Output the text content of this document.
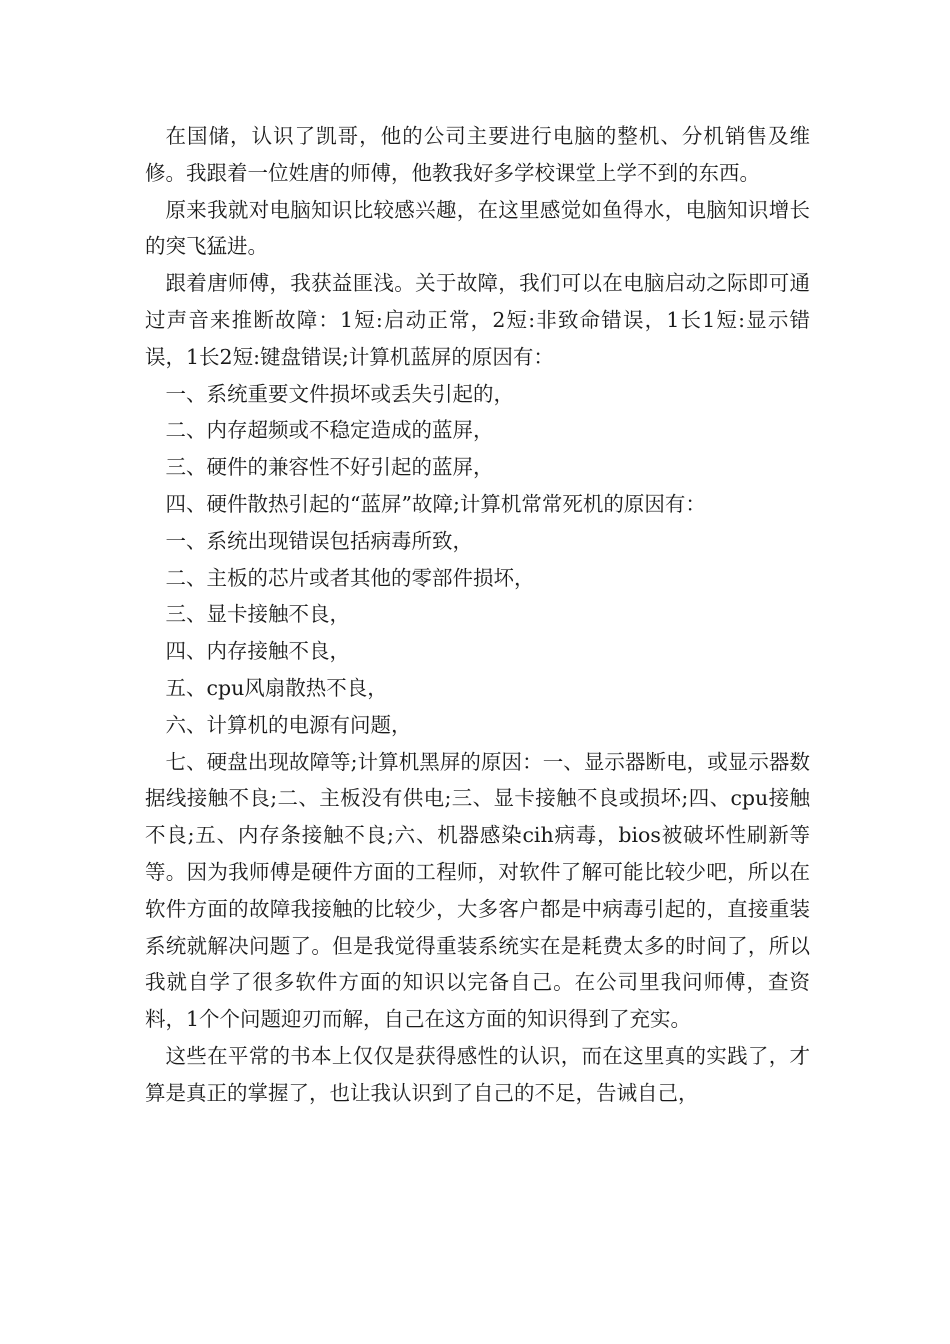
在国储，认识了凯哥，他的公司主要进行电脑的整机、分机销售及维修。我跟着一位姓唐的师傅，他教我好多学校课堂上学不到的东西。

原来我就对电脑知识比较感兴趣，在这里感觉如鱼得水，电脑知识增长的突飞猛进。

跟着唐师傅，我获益匪浅。关于故障，我们可以在电脑启动之际即可通过声音来推断故障：1短:启动正常，2短:非致命错误，1长1短:显示错误，1长2短:键盘错误;计算机蓝屏的原因有：

一、系统重要文件损坏或丢失引起的，

二、内存超频或不稳定造成的蓝屏，

三、硬件的兼容性不好引起的蓝屏，

四、硬件散热引起的“蓝屏”故障;计算机常常死机的原因有：

一、系统出现错误包括病毒所致，

二、主板的芯片或者其他的零部件损坏，

三、显卡接触不良，

四、内存接触不良，

五、cpu风扇散热不良，

六、计算机的电源有问题，

七、硬盘出现故障等;计算机黑屏的原因：一、显示器断电，或显示器数据线接触不良;二、主板没有供电;三、显卡接触不良或损坏;四、cpu接触不良;五、内存条接触不良;六、机器感染cih病毒，bios被破坏性刷新等等。因为我师傅是硬件方面的工程师，对软件了解可能比较少吧，所以在软件方面的故障我接触的比较少，大多客户都是中病毒引起的，直接重装系统就解决问题了。但是我觉得重装系统实在是耗费太多的时间了，所以我就自学了很多软件方面的知识以完备自己。在公司里我问师傅，查资料，1个个问题迎刃而解，自己在这方面的知识得到了充实。

这些在平常的书本上仅仅是获得感性的认识，而在这里真的实践了，才算是真正的掌握了，也让我认识到了自己的不足，告诫自己，
